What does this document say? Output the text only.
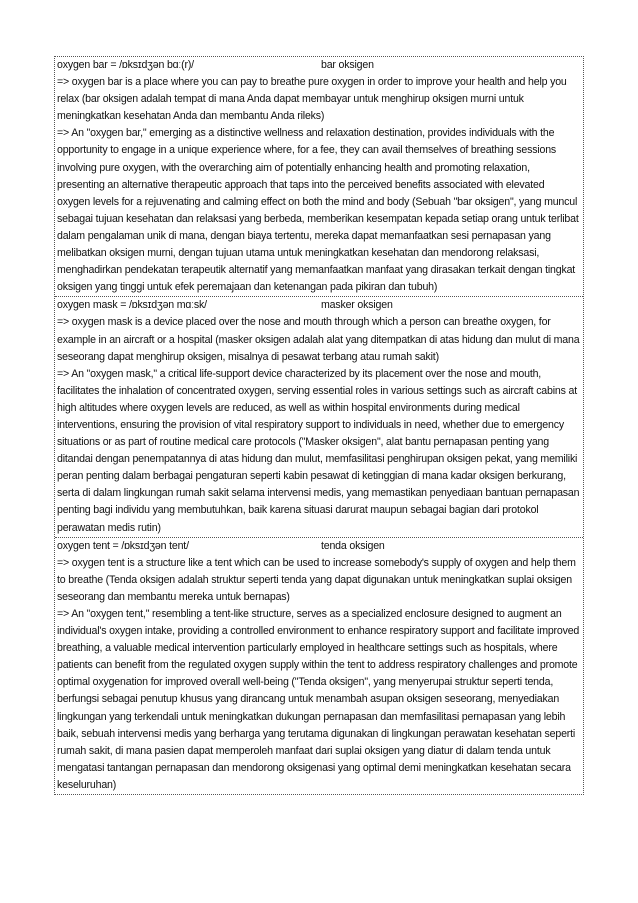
oxygen bar = /ɒksɪdʒən bɑː(r)/	bar oksigen
=> oxygen bar is a place where you can pay to breathe pure oxygen in order to improve your health and help you relax (bar oksigen adalah tempat di mana Anda dapat membayar untuk menghirup oksigen murni untuk meningkatkan kesehatan Anda dan membantu Anda rileks)
=> An "oxygen bar," emerging as a distinctive wellness and relaxation destination, provides individuals with the opportunity to engage in a unique experience where, for a fee, they can avail themselves of breathing sessions involving pure oxygen, with the overarching aim of potentially enhancing health and promoting relaxation, presenting an alternative therapeutic approach that taps into the perceived benefits associated with elevated oxygen levels for a rejuvenating and calming effect on both the mind and body (Sebuah "bar oksigen", yang muncul sebagai tujuan kesehatan dan relaksasi yang berbeda, memberikan kesempatan kepada setiap orang untuk terlibat dalam pengalaman unik di mana, dengan biaya tertentu, mereka dapat memanfaatkan sesi pernapasan yang melibatkan oksigen murni, dengan tujuan utama untuk meningkatkan kesehatan dan mendorong relaksasi, menghadirkan pendekatan terapeutik alternatif yang memanfaatkan manfaat yang dirasakan terkait dengan tingkat oksigen yang tinggi untuk efek peremajaan dan ketenangan pada pikiran dan tubuh)
oxygen mask = /ɒksɪdʒən mɑːsk/	masker oksigen
=> oxygen mask is a device placed over the nose and mouth through which a person can breathe oxygen, for example in an aircraft or a hospital (masker oksigen adalah alat yang ditempatkan di atas hidung dan mulut di mana seseorang dapat menghirup oksigen, misalnya di pesawat terbang atau rumah sakit)
=> An "oxygen mask," a critical life-support device characterized by its placement over the nose and mouth, facilitates the inhalation of concentrated oxygen, serving essential roles in various settings such as aircraft cabins at high altitudes where oxygen levels are reduced, as well as within hospital environments during medical interventions, ensuring the provision of vital respiratory support to individuals in need, whether due to emergency situations or as part of routine medical care protocols ("Masker oksigen", alat bantu pernapasan penting yang ditandai dengan penempatannya di atas hidung dan mulut, memfasilitasi penghirupan oksigen pekat, yang memiliki peran penting dalam berbagai pengaturan seperti kabin pesawat di ketinggian di mana kadar oksigen berkurang, serta di dalam lingkungan rumah sakit selama intervensi medis, yang memastikan penyediaan bantuan pernapasan penting bagi individu yang membutuhkan, baik karena situasi darurat maupun sebagai bagian dari protokol perawatan medis rutin)
oxygen tent = /ɒksɪdʒən tent/	tenda oksigen
=> oxygen tent is a structure like a tent which can be used to increase somebody's supply of oxygen and help them to breathe (Tenda oksigen adalah struktur seperti tenda yang dapat digunakan untuk meningkatkan suplai oksigen seseorang dan membantu mereka untuk bernapas)
=> An "oxygen tent," resembling a tent-like structure, serves as a specialized enclosure designed to augment an individual's oxygen intake, providing a controlled environment to enhance respiratory support and facilitate improved breathing, a valuable medical intervention particularly employed in healthcare settings such as hospitals, where patients can benefit from the regulated oxygen supply within the tent to address respiratory challenges and promote optimal oxygenation for improved overall well-being ("Tenda oksigen", yang menyerupai struktur seperti tenda, berfungsi sebagai penutup khusus yang dirancang untuk menambah asupan oksigen seseorang, menyediakan lingkungan yang terkendali untuk meningkatkan dukungan pernapasan dan memfasilitasi pernapasan yang lebih baik, sebuah intervensi medis yang berharga yang terutama digunakan di lingkungan perawatan kesehatan seperti rumah sakit, di mana pasien dapat memperoleh manfaat dari suplai oksigen yang diatur di dalam tenda untuk mengatasi tantangan pernapasan dan mendorong oksigenasi yang optimal demi meningkatkan kesehatan secara keseluruhan)
